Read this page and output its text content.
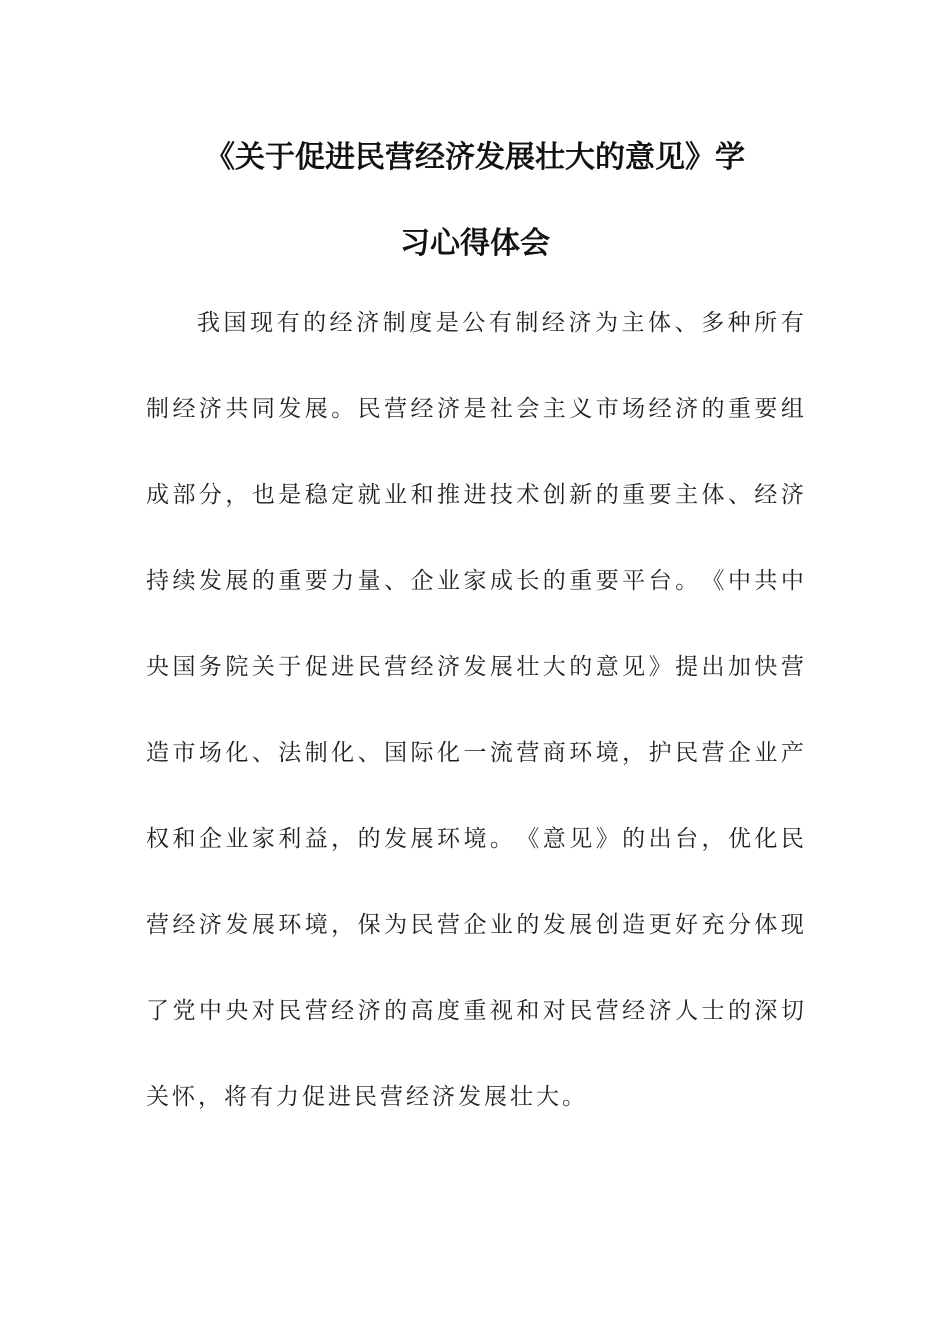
《关于促进民营经济发展壮大的意见》学
习心得体会
我 国 现 有 的 经 济 制 度 是 公 有 制 经 济 为 主 体 、 多 种 所 有
制 经 济 共 同 发 展 。 民 营 经 济 是 社 会 主 义 市 场 经 济 的 重 要 组
成 部 分 ， 也 是 稳 定 就 业 和 推 进 技 术 创 新 的 重 要 主 体 、 经 济
持 续 发 展 的 重 要 力 量 、 企 业 家 成 长 的 重 要 平 台 。 《 中 共 中
央 国 务 院 关 于 促 进 民 营 经 济 发 展 壮 大 的 意 见 》 提 出 加 快 营
造 市 场 化 、 法 制 化 、 国 际 化 一 流 营 商 环 境 ， 护 民 营 企 业 产
权 和 企 业 家 利 益 ， 的 发 展 环 境 。 《 意 见 》 的 出 台 ， 优 化 民
营 经 济 发 展 环 境 ， 保 为 民 营 企 业 的 发 展 创 造 更 好 充 分 体 现
了 党 中 央 对 民 营 经 济 的 高 度 重 视 和 对 民 营 经 济 人 士 的 深 切
关怀，将有力促进民营经济发展壮大。
